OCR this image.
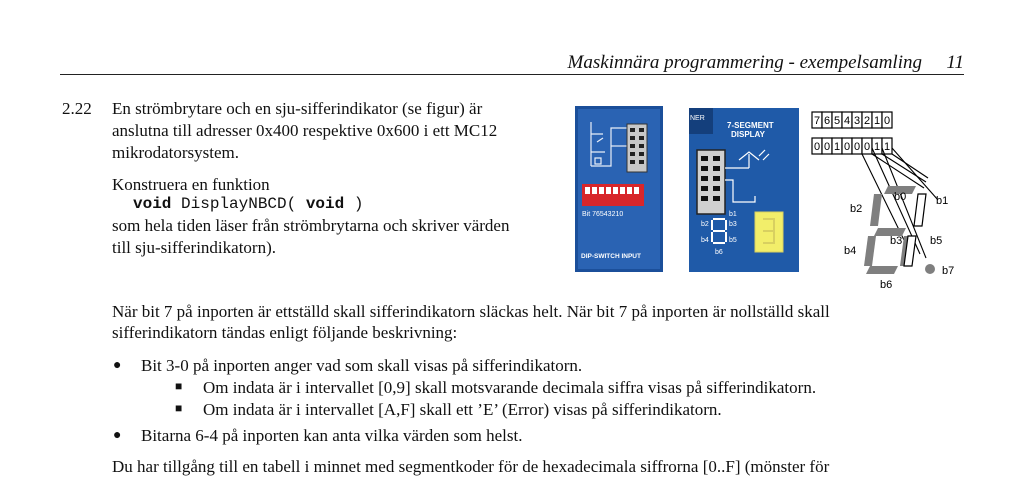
Maskinnära programmering - exempelsamling 11
2.22 En strömbrytare och en sju-sifferindikator (se figur) är
anslutna till adresser 0x400 respektive 0x600 i ett MC12
mikrodatorsystem.
Konstruera en funktion
void DisplayNBCD( void )
som hela tiden läser från strömbrytarna och skriver värden
till sju-sifferindikatorn).
När bit 7 på inporten är ettställd skall sifferindikatorn släckas helt. När bit 7 på inporten är nollställd skall
sifferindikatorn tändas enligt följande beskrivning:
● Bit 3-0 på inporten anger vad som skall visas på sifferindikatorn.
■ Om indata är i intervallet [0,9] skall motsvarande decimala siffra visas på sifferindikatorn.
■ Om indata är i intervallet [A,F] skall ett ’E’ (Error) visas på sifferindikatorn.
● Bitarna 6-4 på inporten kan anta vilka värden som helst.
Du har tillgång till en tabell i minnet med segmentkoder för de hexadecimala siffrorna [0..F] (mönster för
Bit 76543210
DIP-SWITCH INPUT
NER
7-SEGMENT
DISPLAY
b2	b3
b1
b4
b6
b5
7 6 5 4 3 2 1 0
0 0 1 0 0 0 1 1
b0	b1
b2
b3
b4
b5
b6
b7
